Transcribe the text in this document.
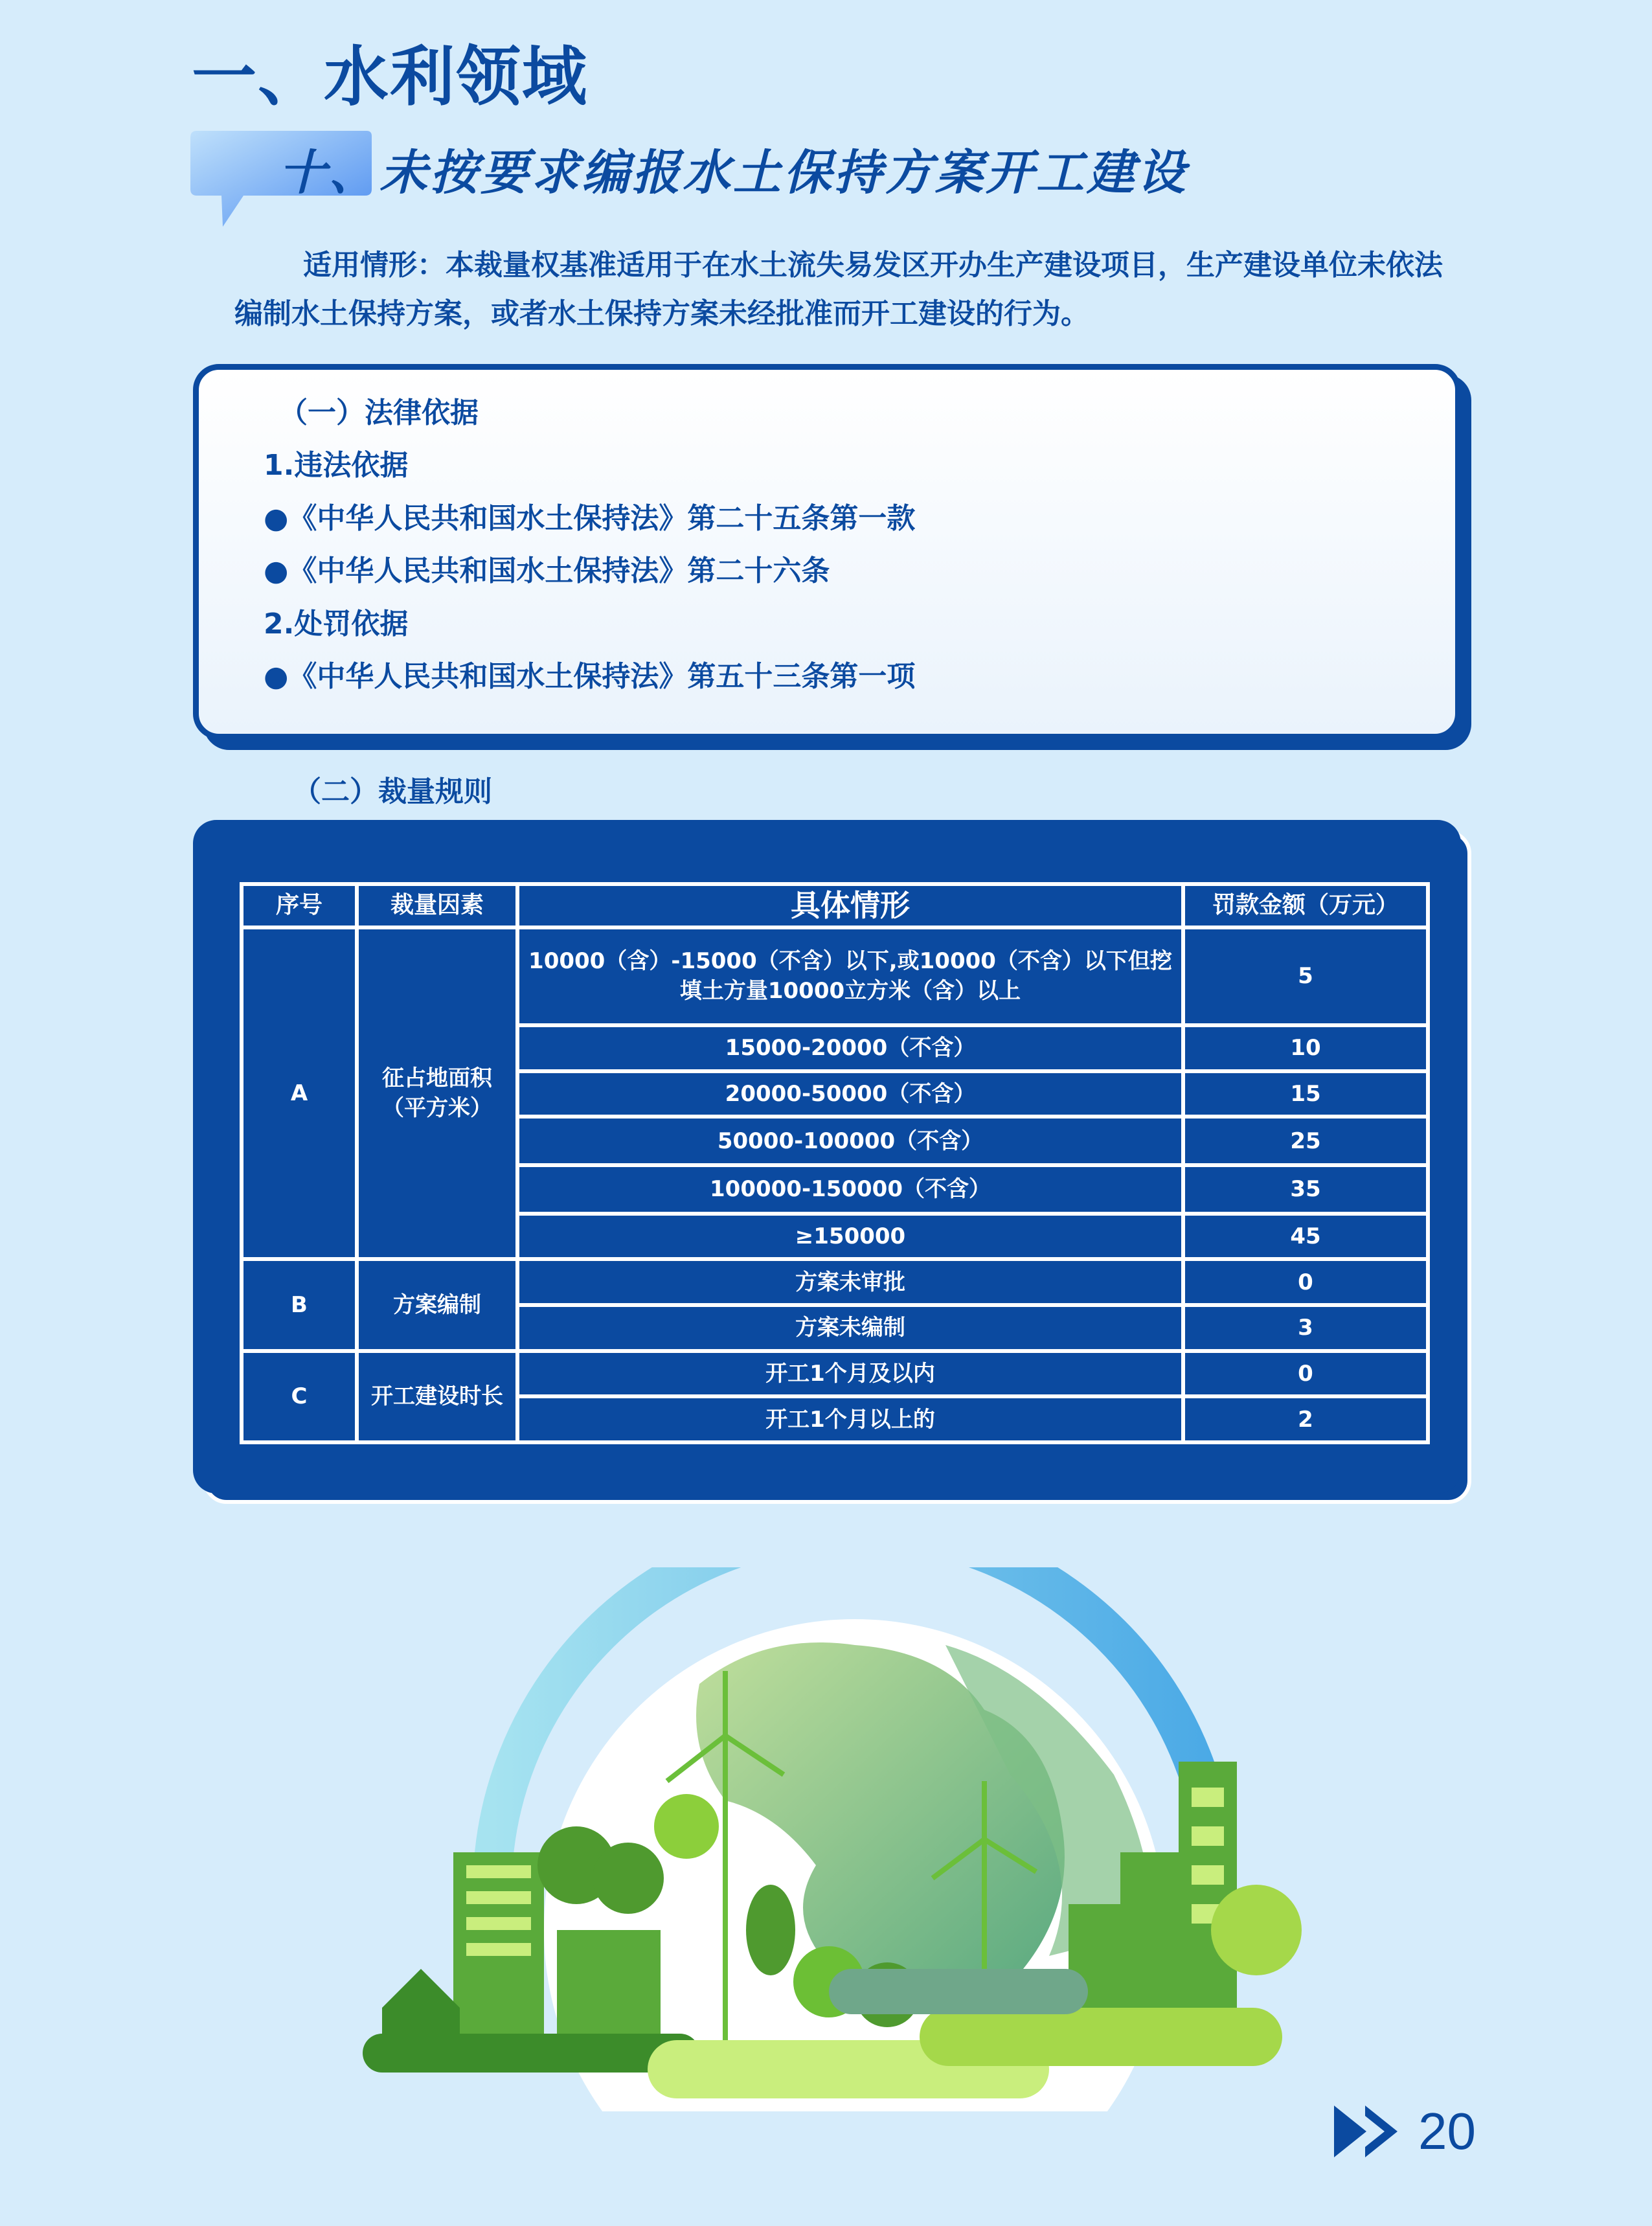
一、水利领域
十、未按要求编报水土保持方案开工建设

适用情形：本裁量权基准适用于在水土流失易发区开办生产建设项目，生产建设单位未依法编制水土保持方案，或者水土保持方案未经批准而开工建设的行为。

（一）法律依据
1.违法依据
●《中华人民共和国水土保持法》第二十五条第一款
●《中华人民共和国水土保持法》第二十六条
2.处罚依据
●《中华人民共和国水土保持法》第五十三条第一项
（二）裁量规则
序号	裁量因素	具体情形	罚款金额（万元）
A	征占地面积（平方米）	10000（含）-15000（不含）以下,或10000（不含）以下但挖填土方量10000立方米（含）以上	5
		15000-20000（不含）	10
		20000-50000（不含）	15
		50000-100000（不含）	25
		100000-150000（不含）	35
		≥150000	45
B	方案编制	方案未审批	0
		方案未编制	3
C	开工建设时长	开工1个月及以内	0
		开工1个月以上的	2
20
